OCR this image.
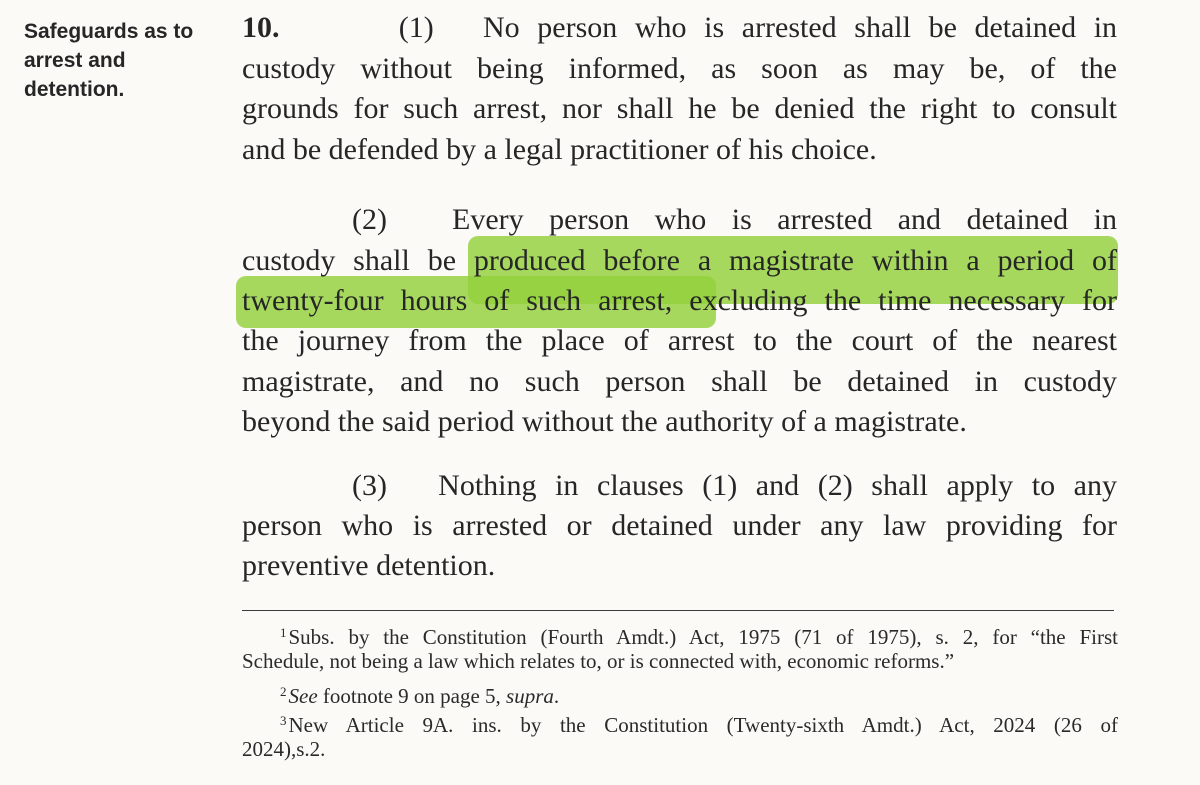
Safeguards as to arrest and detention.
10.	(1) No person who is arrested shall be detained in
custody without being informed, as soon as may be, of the
grounds for such arrest, nor shall he be denied the right to consult
and be defended by a legal practitioner of his choice.
(2) Every person who is arrested and detained in
custody shall be produced before a magistrate within a period of
twenty-four hours of such arrest, excluding the time necessary for
the journey from the place of arrest to the court of the nearest
magistrate, and no such person shall be detained in custody
beyond the said period without the authority of a magistrate.
(3) Nothing in clauses (1) and (2) shall apply to any
person who is arrested or detained under any law providing for
preventive detention.
$^1$Subs. by the Constitution (Fourth Amdt.) Act, 1975 (71 of 1975), s. 2, for “the First
Schedule, not being a law which relates to, or is connected with, economic reforms.”
$^2$See footnote 9 on page 5, supra.
$^3$New Article 9A. ins. by the Constitution (Twenty-sixth Amdt.) Act, 2024 (26 of
2024),s.2.
